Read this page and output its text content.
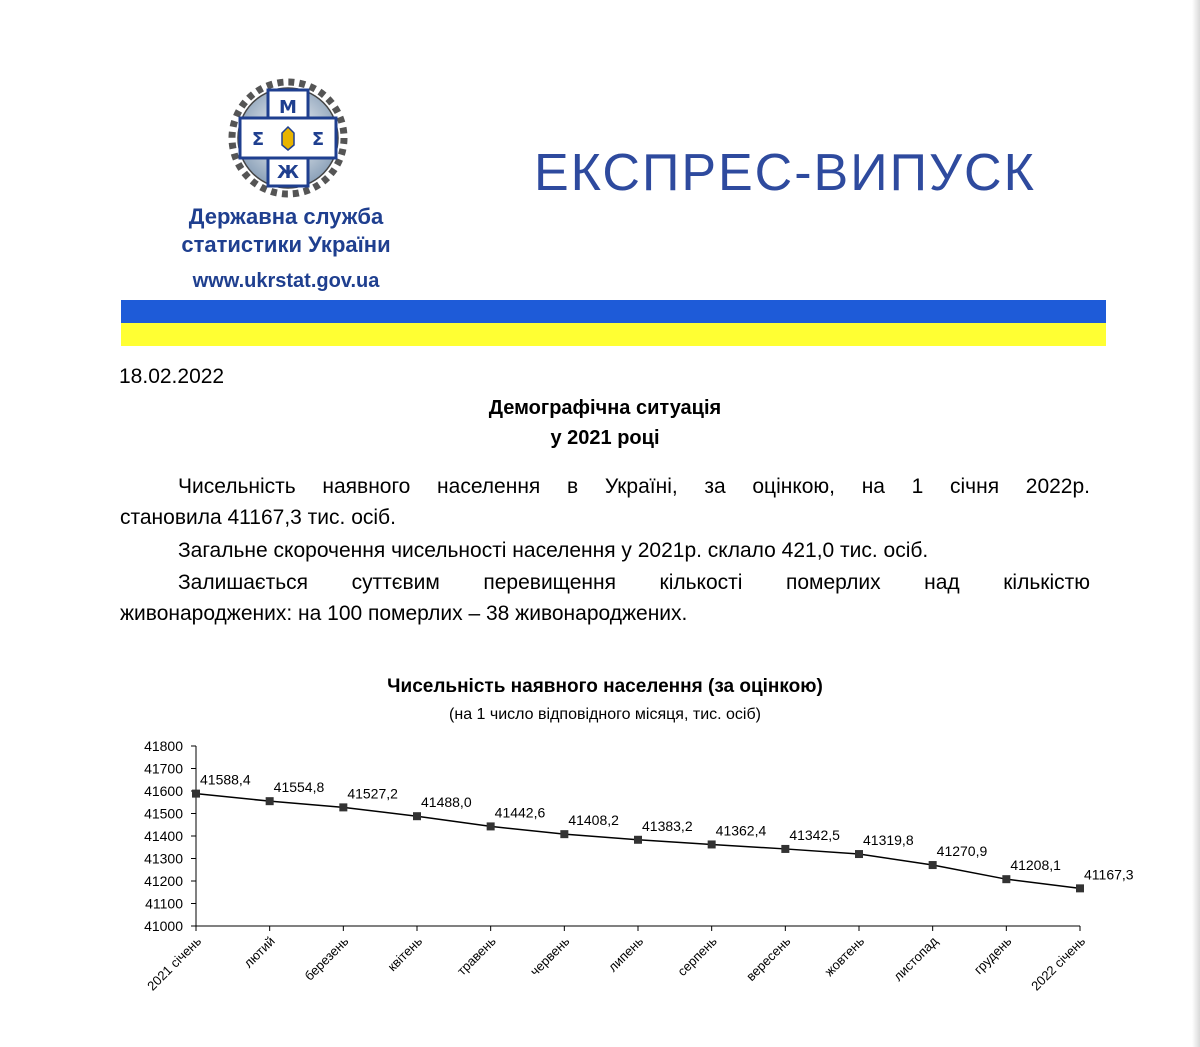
М
Σ	Σ
Ж
Державна служба
статистики України
www.ukrstat.gov.ua
ЕКСПРЕС-ВИПУСК
18.02.2022
Демографічна ситуація
у 2021 році
Чисельність наявного населення в Україні, за оцінкою, на 1 січня 2022р.
становила 41167,3 тис. осіб.
Загальне скорочення чисельності населення у 2021р. склало 421,0 тис. осіб.
Залишається суттєвим перевищення кількості померлих над кількістю
живонароджених: на 100 померлих – 38 живонароджених.
Чисельність наявного населення (за оцінкою)
(на 1 число відповідного місяця, тис. осіб)
41000
41100
41200
41300
41400
41500
41600
41700
41800
2021 січень	лютий березень	квітень травень червень	липень серпень вересень жовтень листопад грудень 2022 січень
41588,4 41554,8 41527,2
41488,0
41442,6 41408,2 41383,2 41362,4 41342,5 41319,8
41270,9
41208,1
41167,3
